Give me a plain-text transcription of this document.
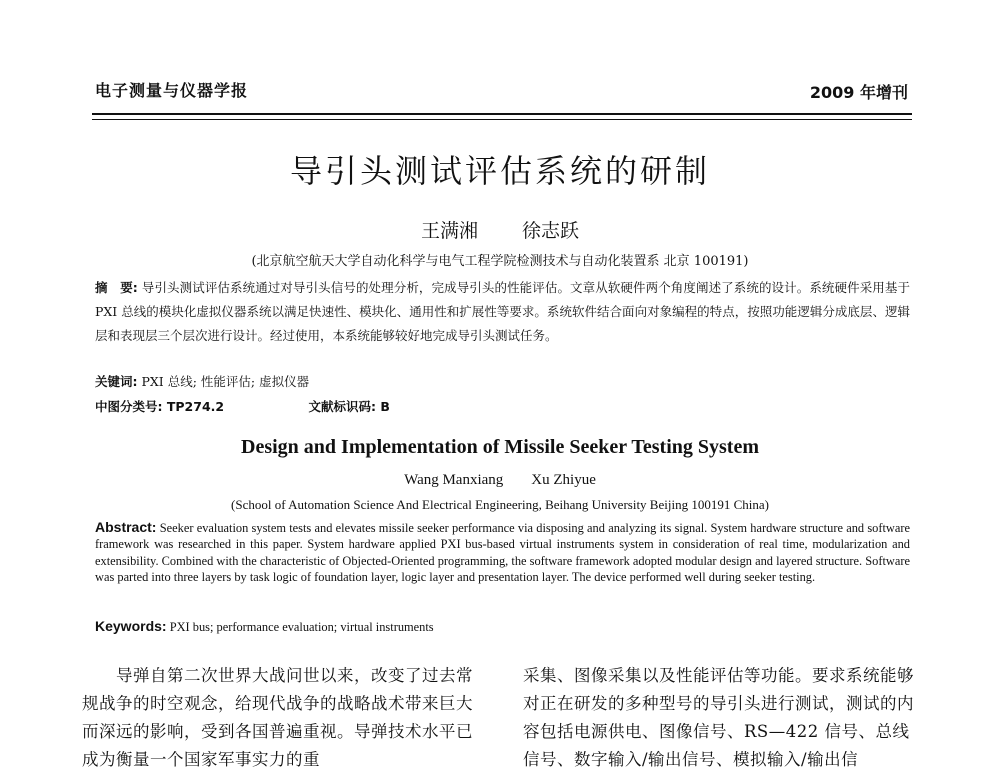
电子测量与仪器学报	2009 年增刊
导引头测试评估系统的研制
王满湘 徐志跃
(北京航空航天大学自动化科学与电气工程学院检测技术与自动化装置系 北京 100191)
摘　要: 导引头测试评估系统通过对导引头信号的处理分析，完成导引头的性能评估。文章从软硬件两个角度阐述了系统的设计。系统硬件采用基于 PXI 总线的模块化虚拟仪器系统以满足快速性、模块化、通用性和扩展性等要求。系统软件结合面向对象编程的特点，按照功能逻辑分成底层、逻辑层和表现层三个层次进行设计。经过使用，本系统能够较好地完成导引头测试任务。
关键词: PXI 总线; 性能评估; 虚拟仪器
中图分类号: TP274.2	文献标识码: B
Design and Implementation of Missile Seeker Testing System
Wang Manxiang Xu Zhiyue
(School of Automation Science And Electrical Engineering, Beihang University Beijing 100191 China)
Abstract: Seeker evaluation system tests and elevates missile seeker performance via disposing and analyzing its signal. System hardware structure and software framework was researched in this paper. System hardware applied PXI bus-based virtual instruments system in consideration of real time, modularization and extensibility. Combined with the characteristic of Objected-Oriented programming, the software framework adopted modular design and layered structure. Software was parted into three layers by task logic of foundation layer, logic layer and presentation layer. The device performed well during seeker testing.
Keywords: PXI bus; performance evaluation; virtual instruments

　　导弹自第二次世界大战问世以来，改变了过去常规战争的时空观念，给现代战争的战略战术带来巨大而深远的影响，受到各国普遍重视。导弹技术水平已成为衡量一个国家军事实力的重

采集、图像采集以及性能评估等功能。要求系统能够对正在研发的多种型号的导引头进行测试，测试的内容包括电源供电、图像信号、RS—422 信号、总线信号、数字输入/输出信号、模拟输入/输出信
